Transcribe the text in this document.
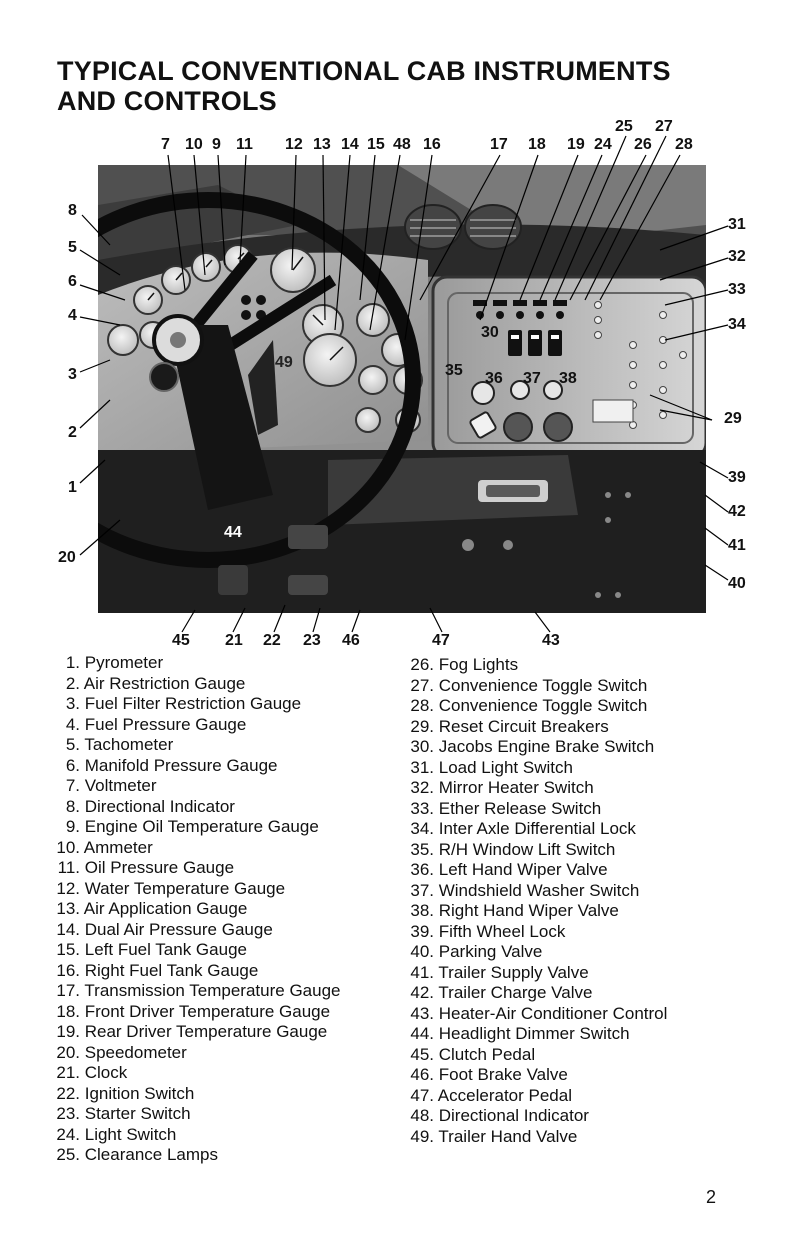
TYPICAL CONVENTIONAL CAB INSTRUMENTS
AND CONTROLS
7 10 9 11 12 13 14 15 48 16	17 18 19 24
25
26
27
28
8
5
6
4
3
2
1
20
31
32
33
34
29
39
42
41
40
45 21 22 23 46	47	43
44
49
30
35 36 37 38
1. Pyrometer
2. Air Restriction Gauge
3. Fuel Filter Restriction Gauge
4. Fuel Pressure Gauge
5. Tachometer
6. Manifold Pressure Gauge
7. Voltmeter
8. Directional Indicator
9. Engine Oil Temperature Gauge
10. Ammeter
11. Oil Pressure Gauge
12. Water Temperature Gauge
13. Air Application Gauge
14. Dual Air Pressure Gauge
15. Left Fuel Tank Gauge
16. Right Fuel Tank Gauge
17. Transmission Temperature Gauge
18. Front Driver Temperature Gauge
19. Rear Driver Temperature Gauge
20. Speedometer
21. Clock
22. Ignition Switch
23. Starter Switch
24. Light Switch
25. Clearance Lamps
26. Fog Lights
27. Convenience Toggle Switch
28. Convenience Toggle Switch
29. Reset Circuit Breakers
30. Jacobs Engine Brake Switch
31. Load Light Switch
32. Mirror Heater Switch
33. Ether Release Switch
34. Inter Axle Differential Lock
35. R/H Window Lift Switch
36. Left Hand Wiper Valve
37. Windshield Washer Switch
38. Right Hand Wiper Valve
39. Fifth Wheel Lock
40. Parking Valve
41. Trailer Supply Valve
42. Trailer Charge Valve
43. Heater-Air Conditioner Control
44. Headlight Dimmer Switch
45. Clutch Pedal
46. Foot Brake Valve
47. Accelerator Pedal
48. Directional Indicator
49. Trailer Hand Valve
2
